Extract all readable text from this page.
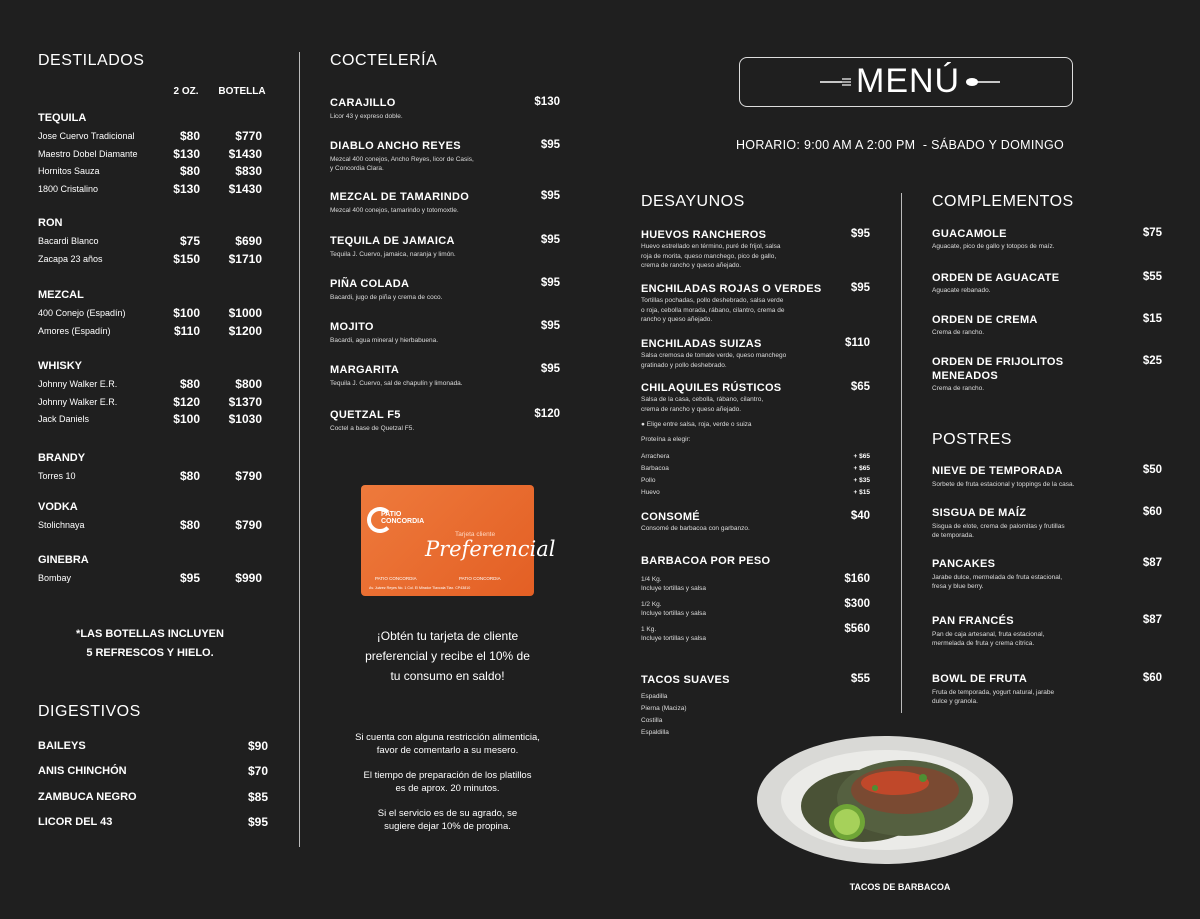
DESTILADOS
2 OZ.	BOTELLA
TEQUILA
Jose Cuervo Tradicional	$80	$770
Maestro Dobel Diamante	$130	$1430
Hornitos Sauza	$80	$830
1800 Cristalino	$130	$1430
RON
Bacardi Blanco	$75	$690
Zacapa 23 años	$150	$1710
MEZCAL
400 Conejo (Espadín)	$100	$1000
Amores (Espadín)	$110	$1200
WHISKY
Johnny Walker E.R.	$80	$800
Johnny Walker E.R.	$120	$1370
Jack Daniels	$100	$1030
BRANDY
Torres 10	$80	$790
VODKA
Stolichnaya	$80	$790
GINEBRA
Bombay	$95	$990
*LAS BOTELLAS INCLUYEN
5 REFRESCOS Y HIELO.
DIGESTIVOS
BAILEYS	$90
ANIS CHINCHÓN	$70
ZAMBUCA NEGRO	$85
LICOR DEL 43	$95
COCTELERÍA
CARAJILLO	$130
Licor 43 y expreso doble.
DIABLO ANCHO REYES	$95
Mezcal 400 conejos, Ancho Reyes, licor de Casis,
y Concordia Clara.
MEZCAL DE TAMARINDO	$95
Mezcal 400 conejos, tamarindo y totomoxtle.
TEQUILA DE JAMAICA	$95
Tequila J. Cuervo, jamaica, naranja y limón.
PIÑA COLADA	$95
Bacardi, jugo de piña y crema de coco.
MOJITO	$95
Bacardi, agua mineral y hierbabuena.
MARGARITA	$95
Tequila J. Cuervo, sal de chapulín y limonada.
QUETZAL F5	$120
Coctel a base de Quetzal F5.
PATIO
CONCORDIA
Tarjeta cliente
Preferencial
PATIO CONCORDIA	PATIO CONCORDIA
Av. Juárez Reyes No. 1 Col. El Mirador Tlaxcala Tlax. CP43810
¡Obtén tu tarjeta de cliente
preferencial y recibe el 10% de
tu consumo en saldo!
Si cuenta con alguna restricción alimenticia,
favor de comentarlo a su mesero.
El tiempo de preparación de los platillos
es de aprox. 20 minutos.
Si el servicio es de su agrado, se
sugiere dejar 10% de propina.
MENÚ
HORARIO: 9:00 AM A 2:00 PM  - SÁBADO Y DOMINGO
DESAYUNOS
HUEVOS RANCHEROS	$95
Huevo estrellado en término, puré de frijol, salsa
roja de morita, queso manchego, pico de gallo,
crema de rancho y queso añejado.
ENCHILADAS ROJAS O VERDES	$95
Tortillas pochadas, pollo deshebrado, salsa verde
o roja, cebolla morada, rábano, cilantro, crema de
rancho y queso añejado.
ENCHILADAS SUIZAS	$110
Salsa cremosa de tomate verde, queso manchego
gratinado y pollo deshebrado.
CHILAQUILES RÚSTICOS	$65
Salsa de la casa, cebolla, rábano, cilantro,
crema de rancho y queso añejado.
● Elige entre salsa, roja, verde o suiza
Proteína a elegir:
Arrachera	+ $65
Barbacoa	+ $65
Pollo	+ $35
Huevo	+ $15
CONSOMÉ	$40
Consomé de barbacoa con garbanzo.
BARBACOA POR PESO
1/4 Kg.
Incluye tortillas y salsa
$160
1/2 Kg.
Incluye tortillas y salsa
$300
1 Kg.
Incluye tortillas y salsa
$560
TACOS SUAVES	$55
Espadilla
Pierna (Maciza)
Costilla
Espaldilla
COMPLEMENTOS
GUACAMOLE	$75
Aguacate, pico de gallo y totopos de maíz.
ORDEN DE AGUACATE	$55
Aguacate rebanado.
ORDEN DE CREMA	$15
Crema de rancho.
ORDEN DE FRIJOLITOS	$25
MENEADOS
Crema de rancho.
POSTRES
NIEVE DE TEMPORADA	$50
Sorbete de fruta estacional y toppings de la casa.
SISGUA DE MAÍZ	$60
Sisgua de elote, crema de palomitas y frutillas
de temporada.
PANCAKES	$87
Jarabe dulce, mermelada de fruta estacional,
fresa y blue berry.
PAN FRANCÉS	$87
Pan de caja artesanal, fruta estacional,
mermelada de fruta y crema cítrica.
BOWL DE FRUTA	$60
Fruta de temporada, yogurt natural, jarabe
dulce y granola.
TACOS DE BARBACOA
